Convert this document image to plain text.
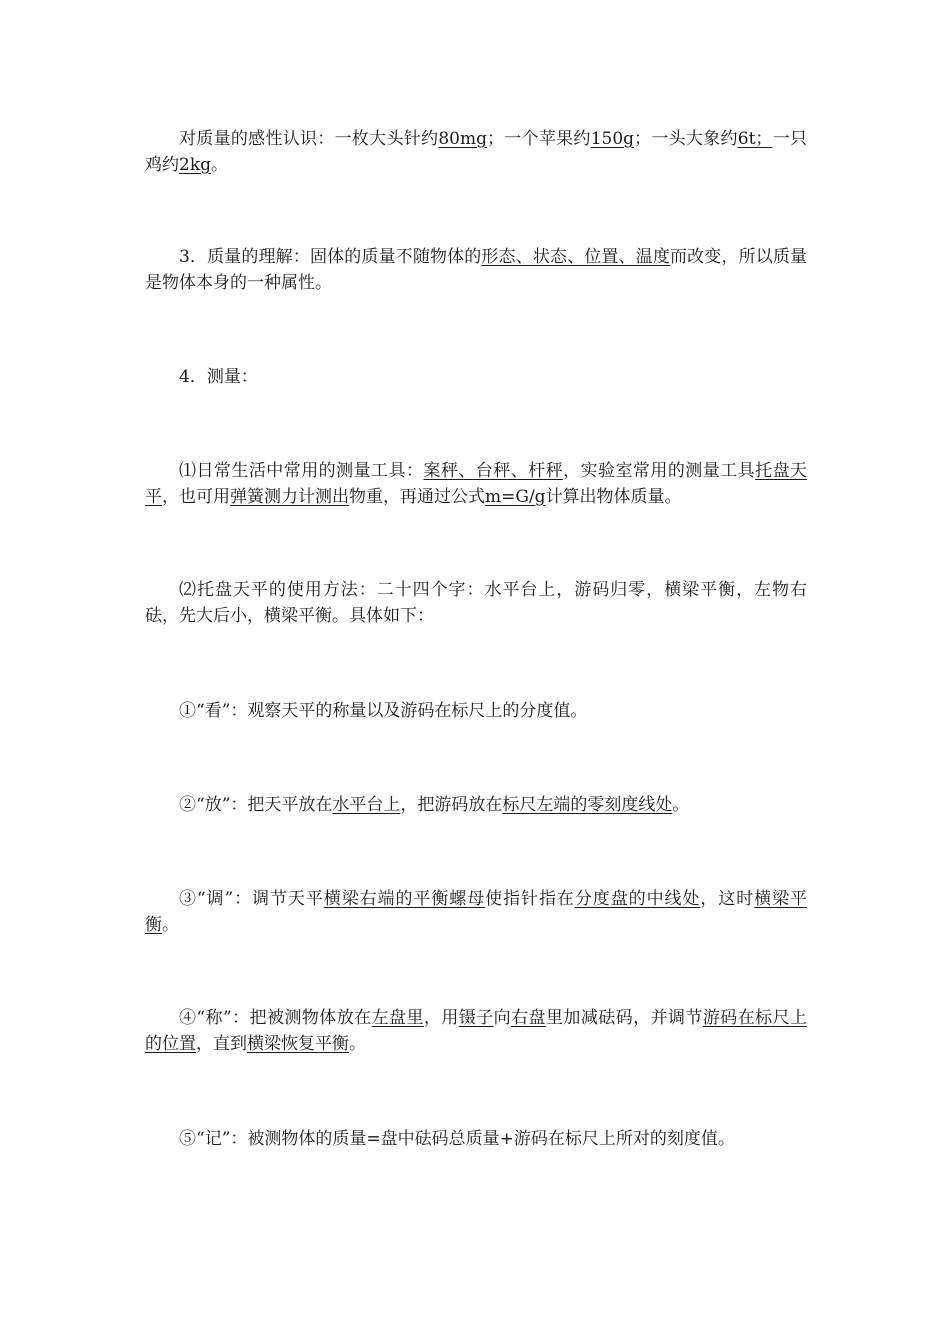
对质量的感性认识：一枚大头针约80mg；一个苹果约150g；一头大象约6t；一只鸡约2kg。

3．质量的理解：固体的质量不随物体的形态、状态、位置、温度而改变，所以质量是物体本身的一种属性。

4．测量：

⑴日常生活中常用的测量工具：案秤、台秤、杆秤，实验室常用的测量工具托盘天平，也可用弹簧测力计测出物重，再通过公式m=G/g计算出物体质量。

⑵托盘天平的使用方法：二十四个字：水平台上，游码归零，横梁平衡，左物右砝，先大后小，横梁平衡。具体如下：

①“看”：观察天平的称量以及游码在标尺上的分度值。

②“放”：把天平放在水平台上，把游码放在标尺左端的零刻度线处。

③“调”：调节天平横梁右端的平衡螺母使指针指在分度盘的中线处，这时横梁平衡。

④“称”：把被测物体放在左盘里，用镊子向右盘里加减砝码，并调节游码在标尺上的位置，直到横梁恢复平衡。

⑤“记”：被测物体的质量=盘中砝码总质量+游码在标尺上所对的刻度值。
